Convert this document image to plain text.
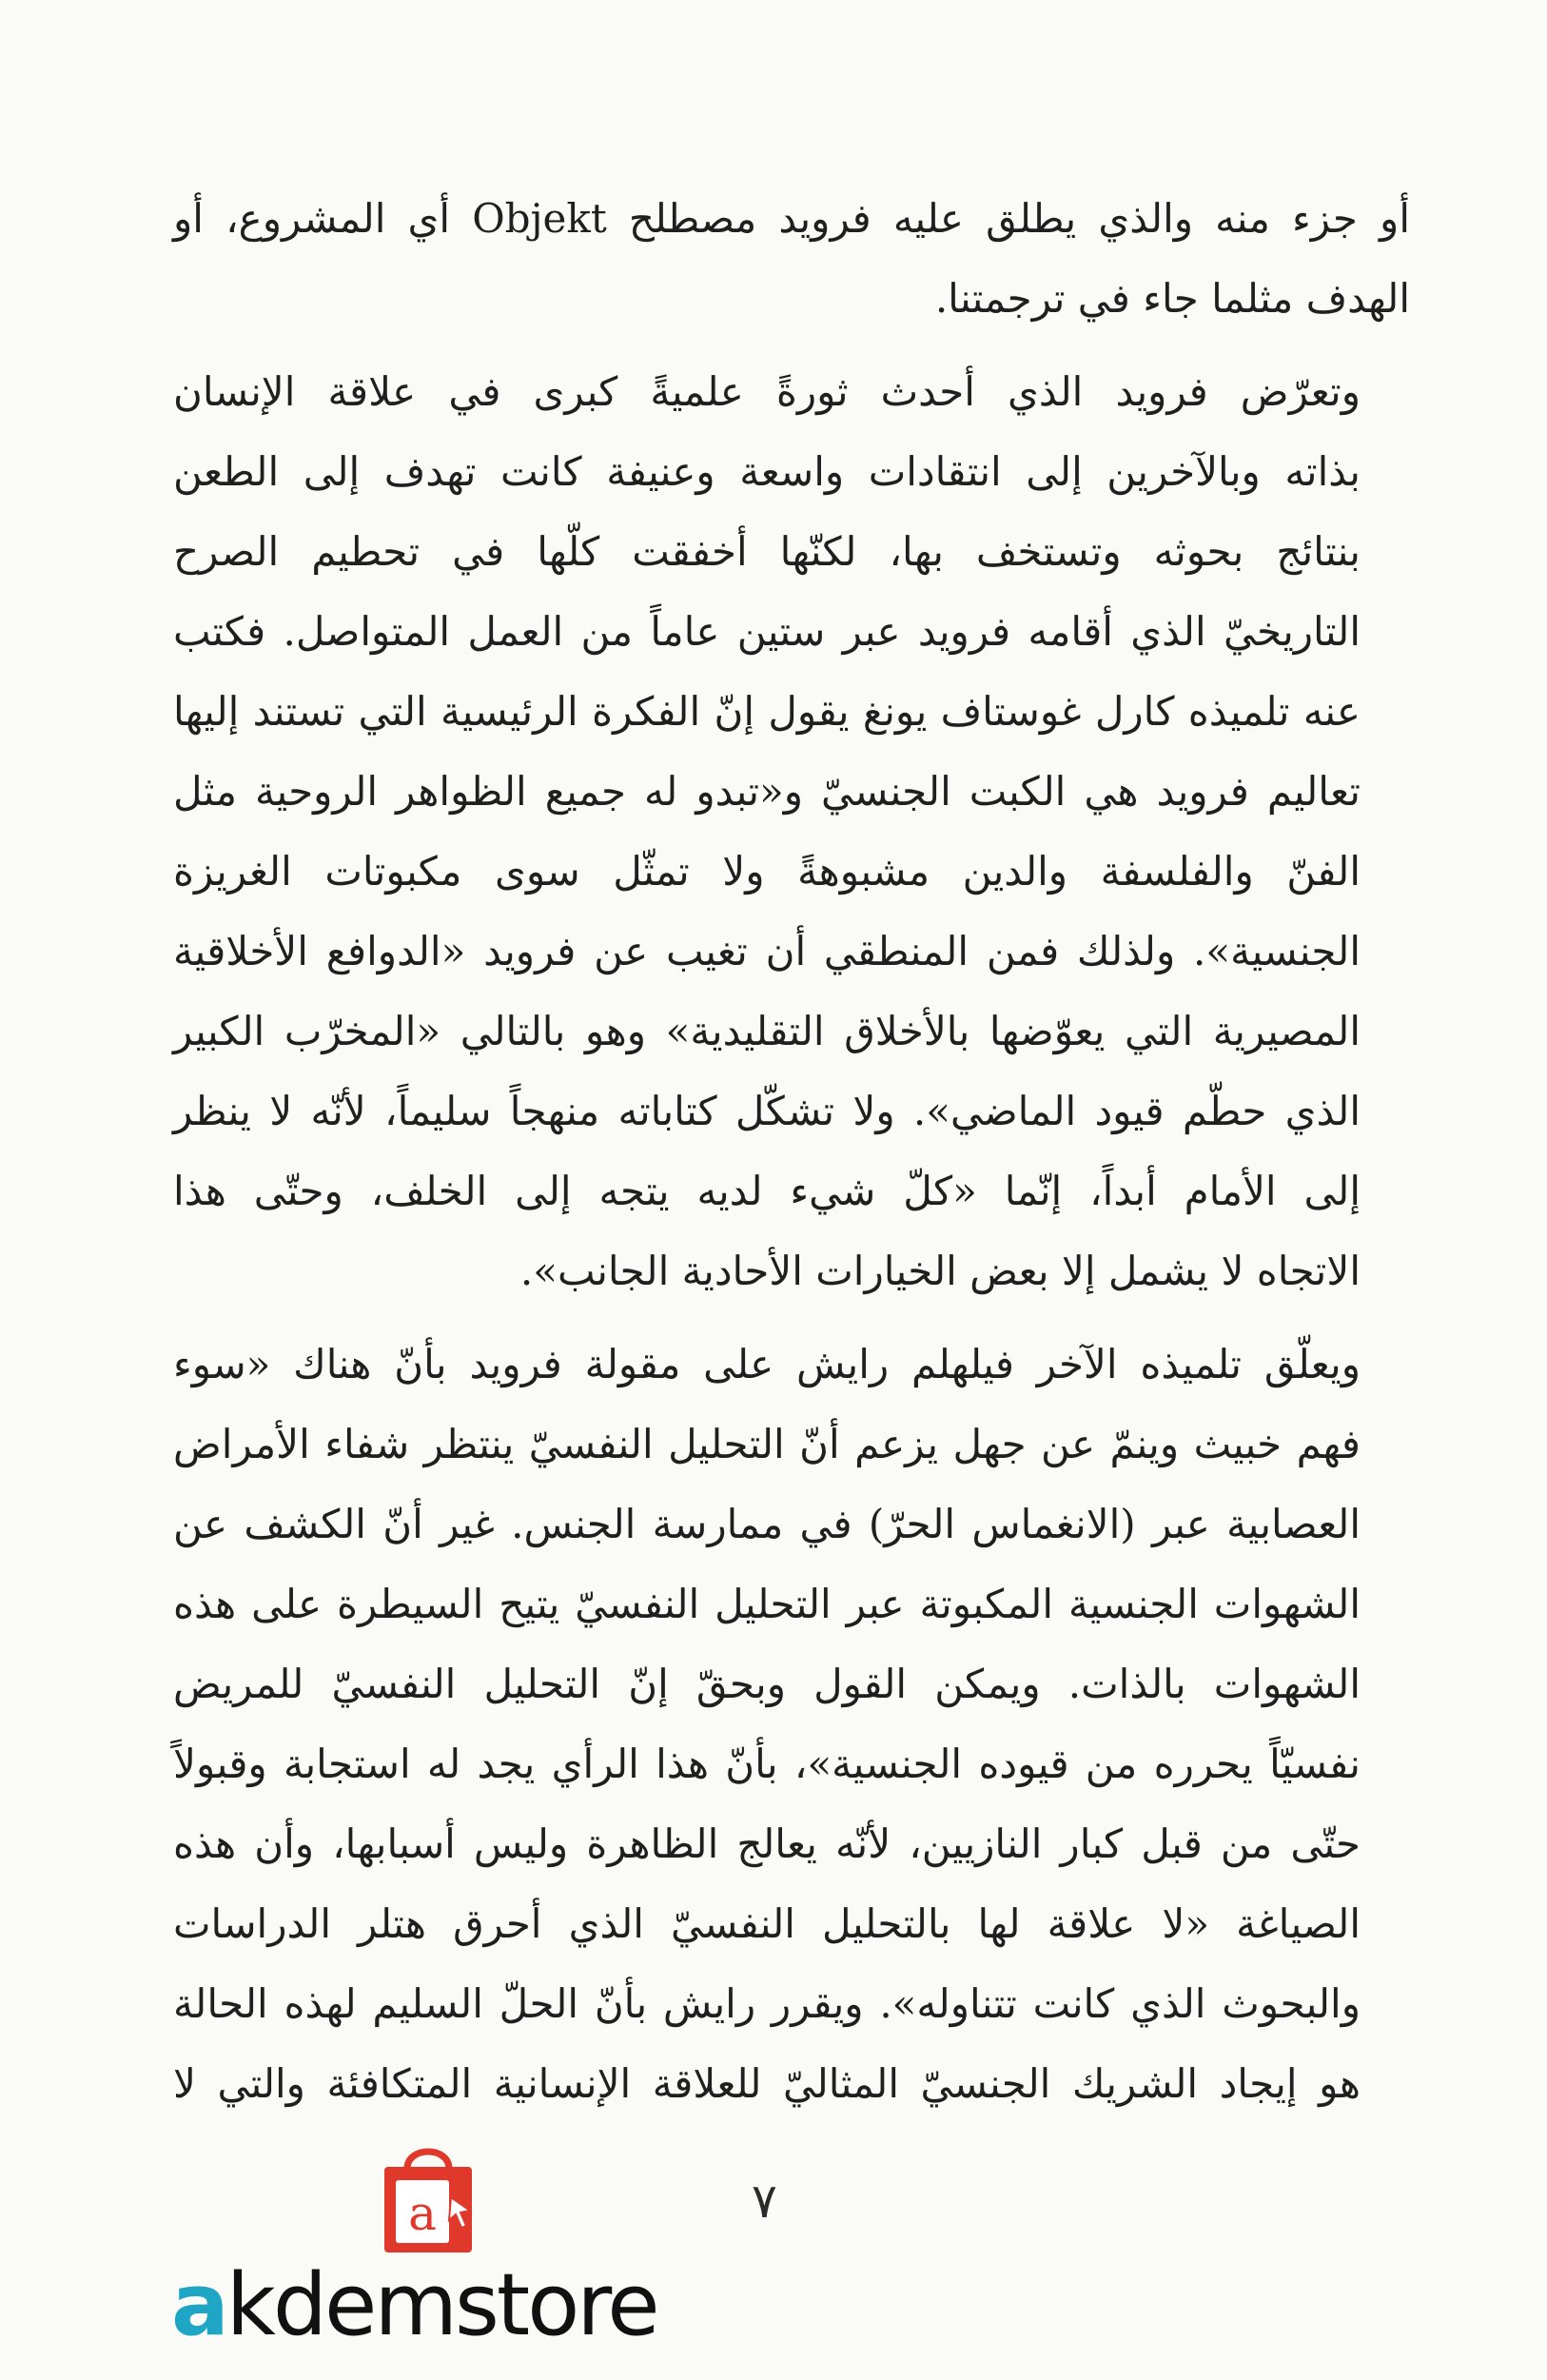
أو جزء منه والذي يطلق عليه فرويد مصطلح Objekt أي المشروع، أو
الهدف مثلما جاء في ترجمتنا.

وتعرّض فرويد الذي أحدث ثورةً علميةً كبرى في علاقة الإنسان
بذاته وبالآخرين إلى انتقادات واسعة وعنيفة كانت تهدف إلى الطعن
بنتائج بحوثه وتستخف بها، لكنّها أخفقت كلّها في تحطيم الصرح
التاريخيّ الذي أقامه فرويد عبر ستين عاماً من العمل المتواصل. فكتب
عنه تلميذه كارل غوستاف يونغ يقول إنّ الفكرة الرئيسية التي تستند إليها
تعاليم فرويد هي الكبت الجنسيّ و«تبدو له جميع الظواهر الروحية مثل
الفنّ والفلسفة والدين مشبوهةً ولا تمثّل سوى مكبوتات الغريزة
الجنسية». ولذلك فمن المنطقي أن تغيب عن فرويد «الدوافع الأخلاقية
المصيرية التي يعوّضها بالأخلاق التقليدية» وهو بالتالي «المخرّب الكبير
الذي حطّم قيود الماضي». ولا تشكّل كتاباته منهجاً سليماً، لأنّه لا ينظر
إلى الأمام أبداً، إنّما «كلّ شيء لديه يتجه إلى الخلف، وحتّى هذا
الاتجاه لا يشمل إلا بعض الخيارات الأحادية الجانب».

ويعلّق تلميذه الآخر فيلهلم رايش على مقولة فرويد بأنّ هناك «سوء
فهم خبيث وينمّ عن جهل يزعم أنّ التحليل النفسيّ ينتظر شفاء الأمراض
العصابية عبر (الانغماس الحرّ) في ممارسة الجنس. غير أنّ الكشف عن
الشهوات الجنسية المكبوتة عبر التحليل النفسيّ يتيح السيطرة على هذه
الشهوات بالذات. ويمكن القول وبحقّ إنّ التحليل النفسيّ للمريض
نفسيّاً يحرره من قيوده الجنسية»، بأنّ هذا الرأي يجد له استجابة وقبولاً
حتّى من قبل كبار النازيين، لأنّه يعالج الظاهرة وليس أسبابها، وأن هذه
الصياغة «لا علاقة لها بالتحليل النفسيّ الذي أحرق هتلر الدراسات
والبحوث الذي كانت تتناوله». ويقرر رايش بأنّ الحلّ السليم لهذه الحالة
هو إيجاد الشريك الجنسيّ المثاليّ للعلاقة الإنسانية المتكافئة والتي لا

٧
a
akdemstore
